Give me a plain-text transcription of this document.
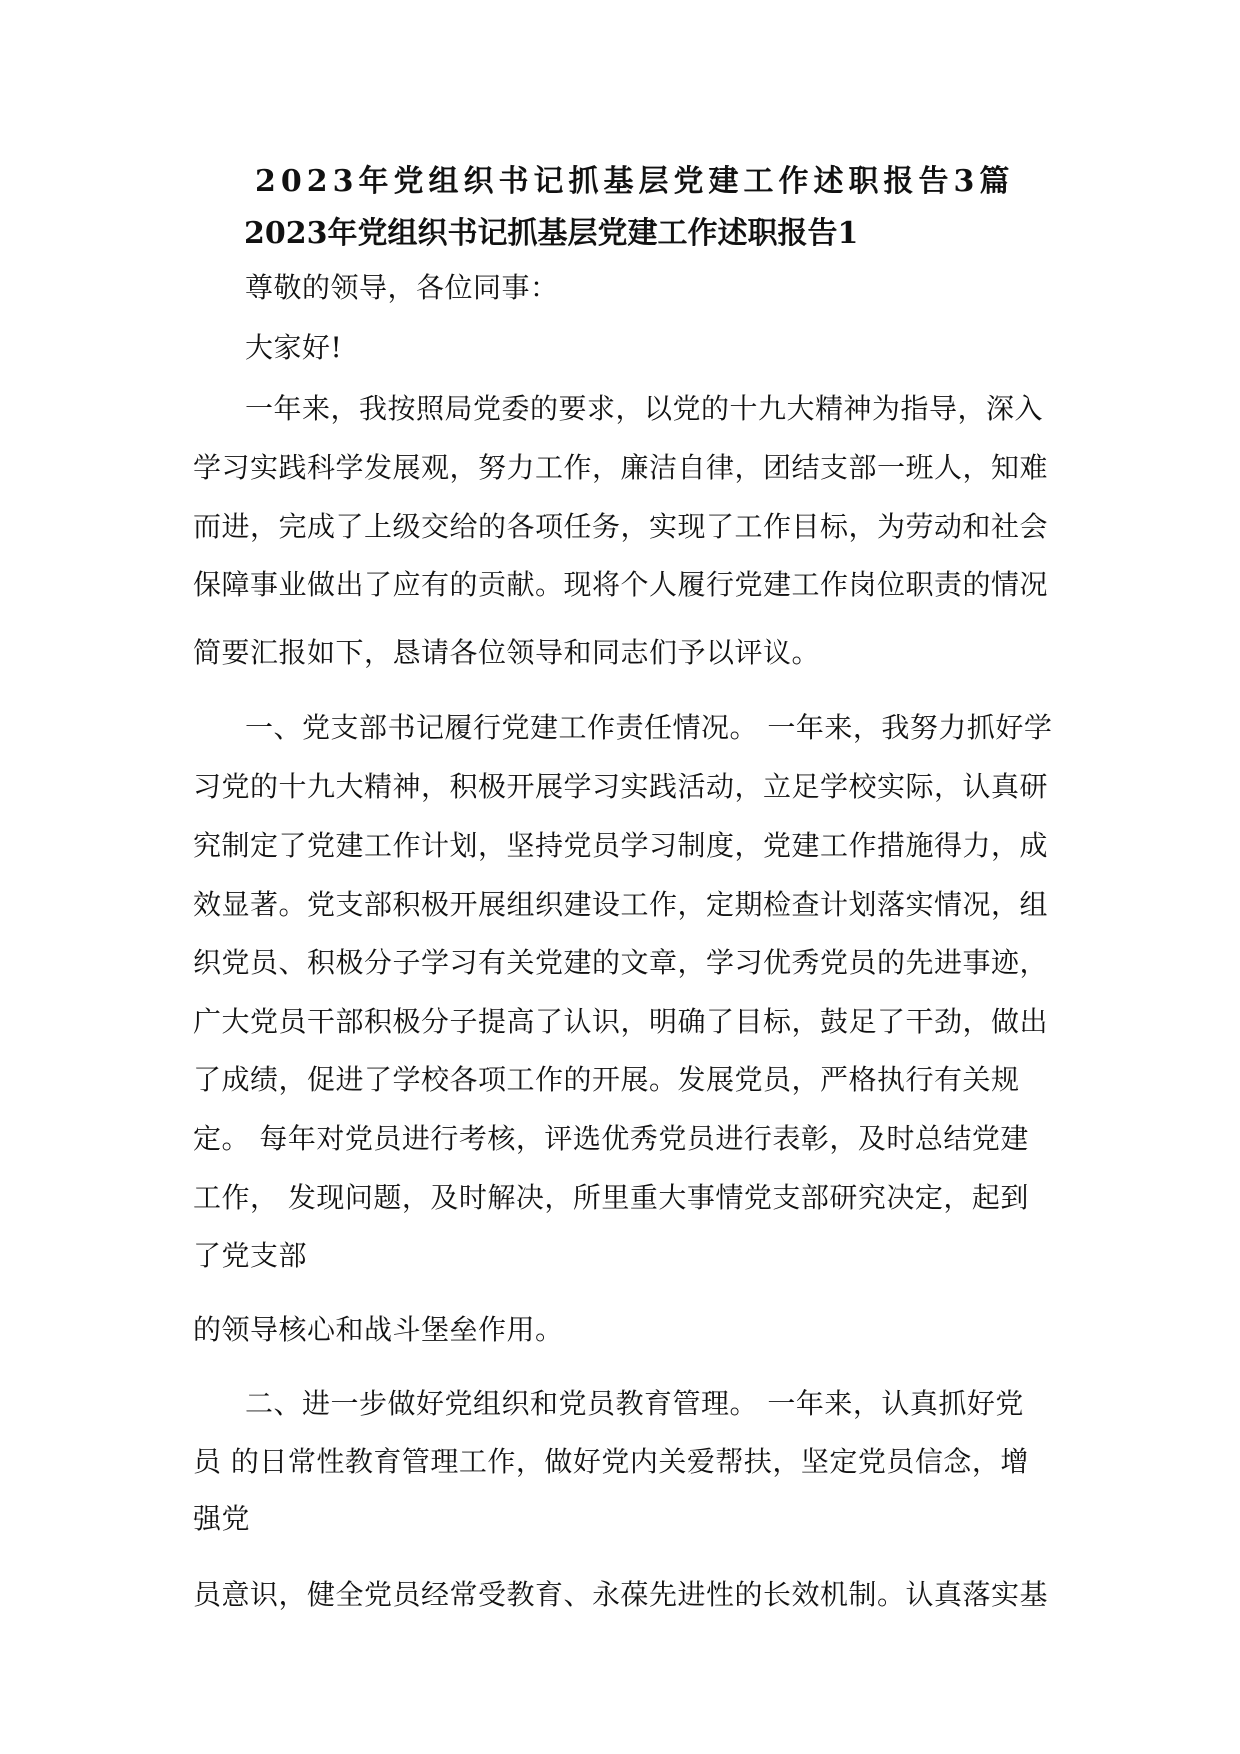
2023年党组织书记抓基层党建工作述职报告3篇
2023年党组织书记抓基层党建工作述职报告1
尊敬的领导，各位同事：
大家好!
一年来，我按照局党委的要求，以党的十九大精神为指导，深入
学习实践科学发展观，努力工作，廉洁自律，团结支部一班人，知难
而进，完成了上级交给的各项任务，实现了工作目标，为劳动和社会
保障事业做出了应有的贡献。现将个人履行党建工作岗位职责的情况
简要汇报如下，恳请各位领导和同志们予以评议。
一、党支部书记履行党建工作责任情况。 一年来，我努力抓好学
习党的十九大精神，积极开展学习实践活动，立足学校实际，认真研
究制定了党建工作计划，坚持党员学习制度，党建工作措施得力，成
效显著。党支部积极开展组织建设工作，定期检查计划落实情况，组
织党员、积极分子学习有关党建的文章，学习优秀党员的先进事迹，
广大党员干部积极分子提高了认识，明确了目标，鼓足了干劲，做出
了成绩，促进了学校各项工作的开展。发展党员，严格执行有关规
定。 每年对党员进行考核，评选优秀党员进行表彰，及时总结党建
工作， 发现问题，及时解决，所里重大事情党支部研究决定，起到
了党支部
的领导核心和战斗堡垒作用。
二、进一步做好党组织和党员教育管理。 一年来，认真抓好党
员 的日常性教育管理工作，做好党内关爱帮扶，坚定党员信念，增
强党
员意识，健全党员经常受教育、永葆先进性的长效机制。认真落实基
